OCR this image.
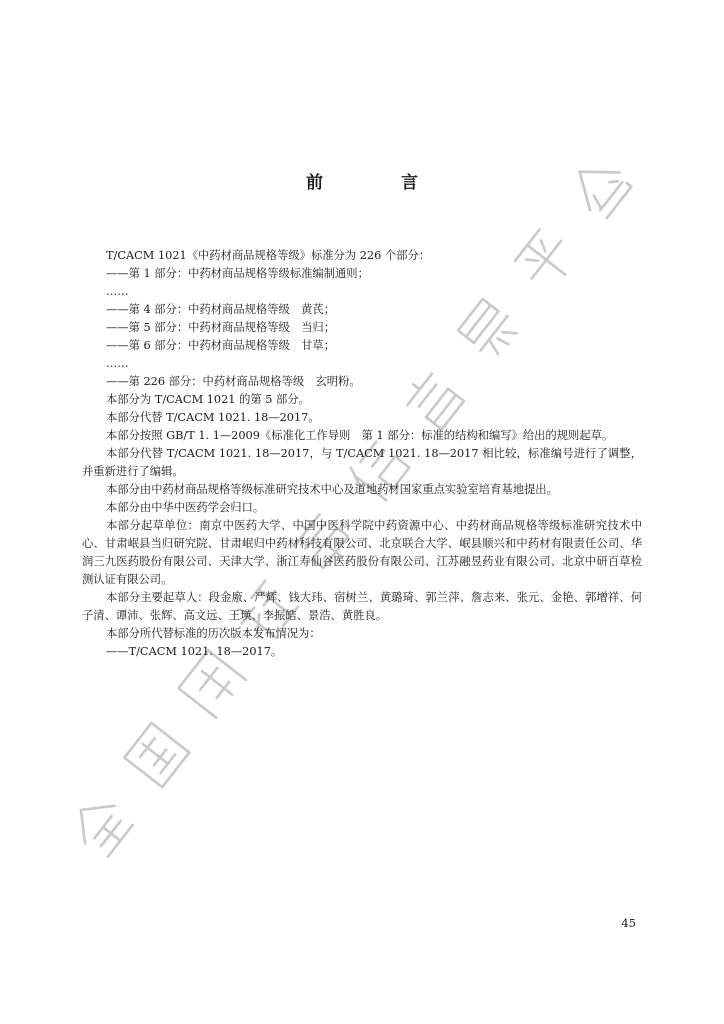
前 言

T/CACM 1021《中药材商品规格等级》标准分为 226 个部分：

——第 1 部分：中药材商品规格等级标准编制通则；

……

——第 4 部分：中药材商品规格等级　黄芪；

——第 5 部分：中药材商品规格等级　当归；

——第 6 部分：中药材商品规格等级　甘草；

……

——第 226 部分：中药材商品规格等级　玄明粉。

本部分为 T/CACM 1021 的第 5 部分。

本部分代替 T/CACM 1021. 18—2017。

本部分按照 GB/T 1. 1—2009《标准化工作导则　第 1 部分：标准的结构和编写》给出的规则起草。

本部分代替 T/CACM 1021. 18—2017，与 T/CACM 1021. 18—2017 相比较，标准编号进行了调整，并重新进行了编辑。

本部分由中药材商品规格等级标准研究技术中心及道地药材国家重点实验室培育基地提出。

本部分由中华中医药学会归口。

本部分起草单位：南京中医药大学、中国中医科学院中药资源中心、中药材商品规格等级标准研究技术中心、甘肃岷县当归研究院、甘肃岷归中药材科技有限公司、北京联合大学、岷县顺兴和中药材有限责任公司、华润三九医药股份有限公司、天津大学、浙江寿仙谷医药股份有限公司、江苏融昱药业有限公司、北京中研百草检测认证有限公司。

本部分主要起草人：段金廒、严辉、钱大玮、宿树兰、黄璐琦、郭兰萍、詹志来、张元、金艳、郭增祥、何子清、谭沛、张辉、高文远、王瑛、李振皓、景浩、黄胜良。

本部分所代替标准的历次版本发布情况为：

——T/CACM 1021. 18—2017。

45
